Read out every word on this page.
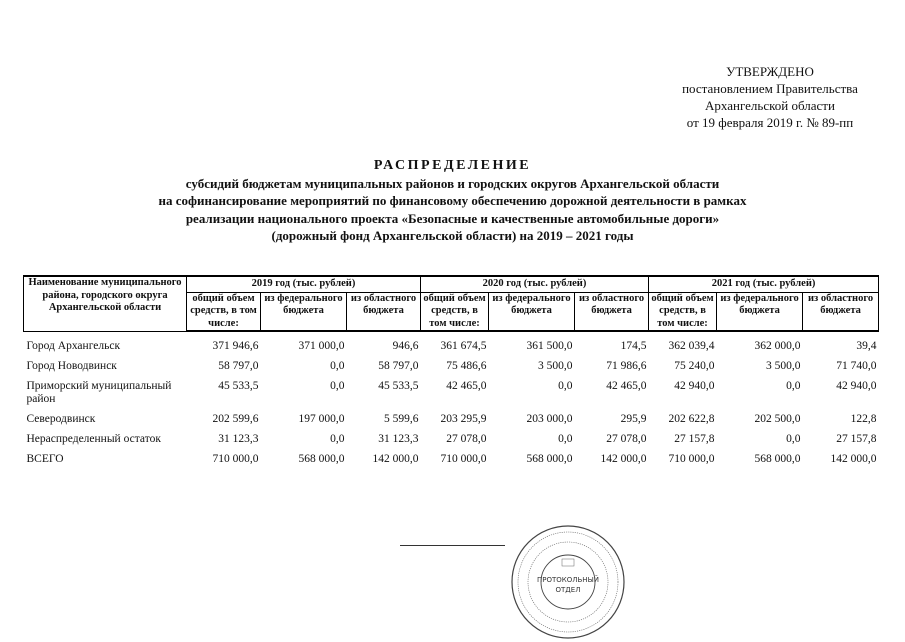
УТВЕРЖДЕНО
постановлением Правительства
Архангельской области
от 19 февраля 2019 г. № 89-пп
РАСПРЕДЕЛЕНИЕ
субсидий бюджетам муниципальных районов и городских округов Архангельской области
на софинансирование мероприятий по финансовому обеспечению дорожной деятельности в рамках
реализации национального проекта «Безопасные и качественные автомобильные дороги»
(дорожный фонд Архангельской области) на 2019 – 2021 годы
Наименование муниципального района, городского округа Архангельской области	2019 год (тыс. рублей)			2020 год (тыс. рублей)			2021 год (тыс. рублей)		
	общий объем средств, в том числе:	из федерального бюджета	из областного бюджета	общий объем средств, в том числе:	из федерального бюджета	из областного бюджета	общий объем средств, в том числе:	из федерального бюджета	из областного бюджета
Город Архангельск	371 946,6	371 000,0	946,6	361 674,5	361 500,0	174,5	362 039,4	362 000,0	39,4
Город Новодвинск	58 797,0	0,0	58 797,0	75 486,6	3 500,0	71 986,6	75 240,0	3 500,0	71 740,0
Приморский муниципальный район	45 533,5	0,0	45 533,5	42 465,0	0,0	42 465,0	42 940,0	0,0	42 940,0
Северодвинск	202 599,6	197 000,0	5 599,6	203 295,9	203 000,0	295,9	202 622,8	202 500,0	122,8
Нераспределенный остаток	31 123,3	0,0	31 123,3	27 078,0	0,0	27 078,0	27 157,8	0,0	27 157,8
ВСЕГО	710 000,0	568 000,0	142 000,0	710 000,0	568 000,0	142 000,0	710 000,0	568 000,0	142 000,0
ПРОТОКОЛЬНЫЙ
ОТДЕЛ
